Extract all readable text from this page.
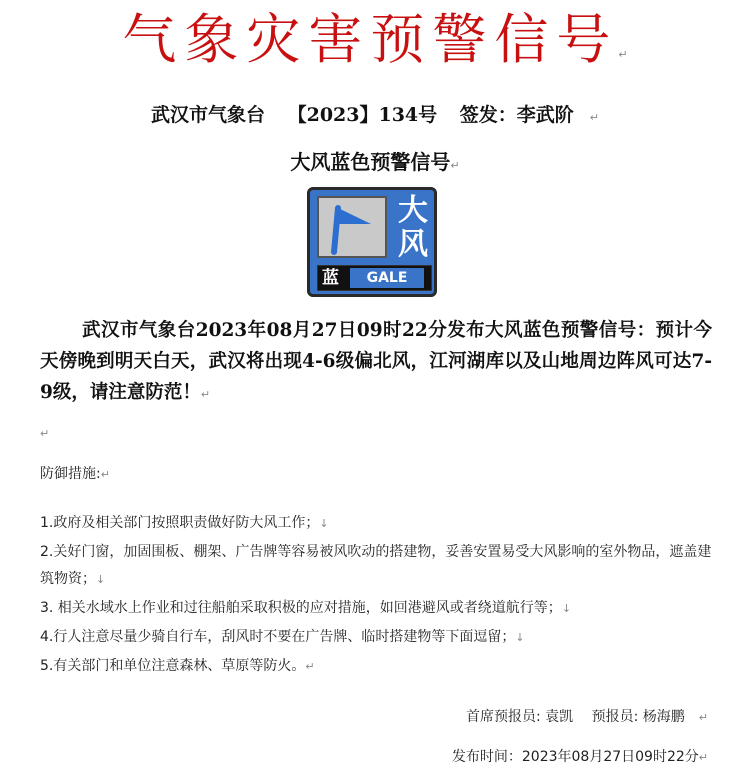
气象灾害预警信号↵
武汉市气象台 【2023】134号 签发：李武阶 ↵
大风蓝色预警信号↵
大风
蓝	GALE
武汉市气象台2023年08月27日09时22分发布大风蓝色预警信号：预计今天傍晚到明天白天，武汉将出现4-6级偏北风，江河湖库以及山地周边阵风可达7-9级，请注意防范！↵
↵
防御措施:↵
1.政府及相关部门按照职责做好防大风工作；↓
2.关好门窗，加固围板、棚架、广告牌等容易被风吹动的搭建物，妥善安置易受大风影响的室外物品，遮盖建筑物资；↓
3. 相关水域水上作业和过往船舶采取积极的应对措施，如回港避风或者绕道航行等；↓
4.行人注意尽量少骑自行车，刮风时不要在广告牌、临时搭建物等下面逗留；↓
5.有关部门和单位注意森林、草原等防火。↵
首席预报员: 袁凯 预报员: 杨海鹏 ↵
发布时间：2023年08月27日09时22分↵
